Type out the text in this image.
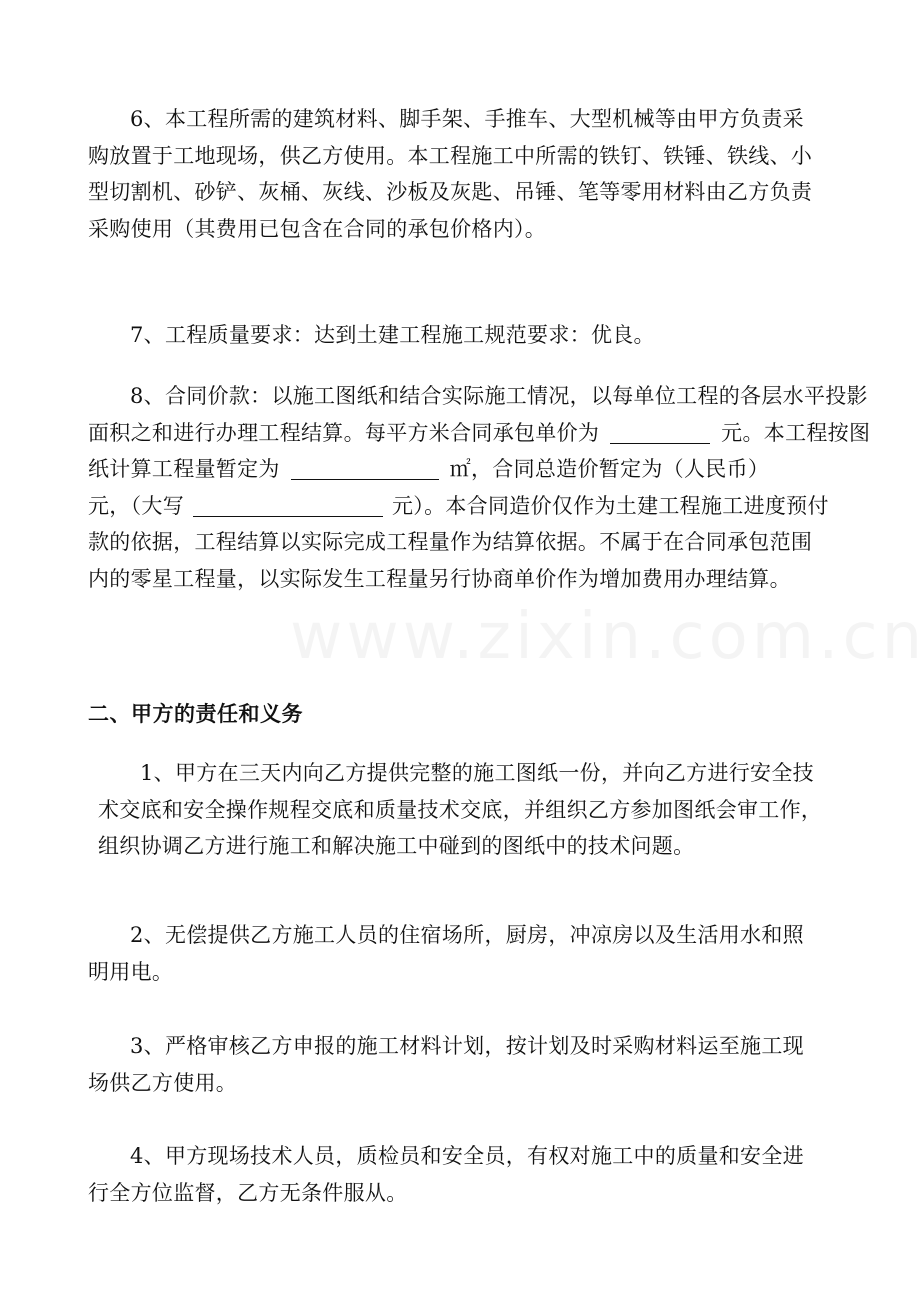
6、本工程所需的建筑材料、脚手架、手推车、大型机械等由甲方负责采
购放置于工地现场，供乙方使用。本工程施工中所需的铁钉、铁锤、铁线、小
型切割机、砂铲、灰桶、灰线、沙板及灰匙、吊锤、笔等零用材料由乙方负责
采购使用（其费用已包含在合同的承包价格内）。
7、工程质量要求：达到土建工程施工规范要求：优良。
8、合同价款：以施工图纸和结合实际施工情况，以每单位工程的各层水平投影
面积之和进行办理工程结算。每平方米合同承包单价为	元。本工程按图
纸计算工程量暂定为	㎡，合同总造价暂定为（人民币）
元，（大写	元）。本合同造价仅作为土建工程施工进度预付
款的依据，工程结算以实际完成工程量作为结算依据。不属于在合同承包范围
内的零星工程量，以实际发生工程量另行协商单价作为增加费用办理结算。
二、甲方的责任和义务
1、甲方在三天内向乙方提供完整的施工图纸一份，并向乙方进行安全技
术交底和安全操作规程交底和质量技术交底，并组织乙方参加图纸会审工作，
组织协调乙方进行施工和解决施工中碰到的图纸中的技术问题。
2、无偿提供乙方施工人员的住宿场所，厨房，冲凉房以及生活用水和照
明用电。
3、严格审核乙方申报的施工材料计划，按计划及时采购材料运至施工现
场供乙方使用。
4、甲方现场技术人员，质检员和安全员，有权对施工中的质量和安全进
行全方位监督，乙方无条件服从。
